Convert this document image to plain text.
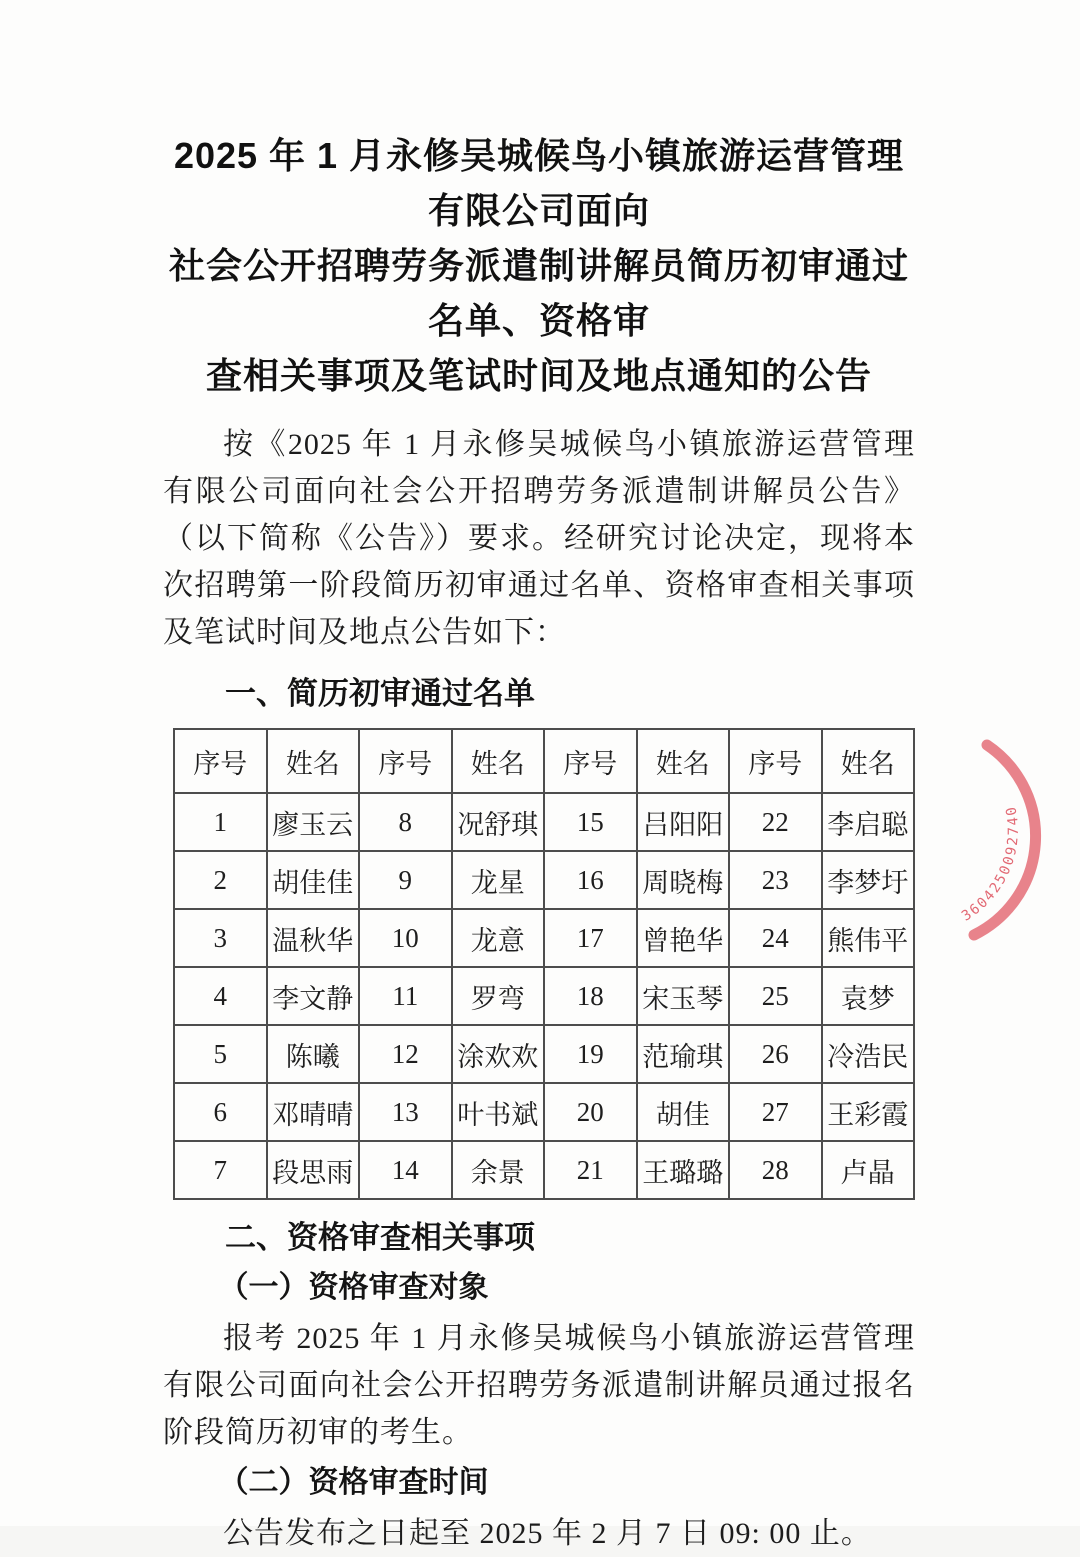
2025 年 1 月永修吴城候鸟小镇旅游运营管理有限公司面向
社会公开招聘劳务派遣制讲解员简历初审通过名单、资格审
查相关事项及笔试时间及地点通知的公告

按《2025 年 1 月永修吴城候鸟小镇旅游运营管理有限公司面向社会公开招聘劳务派遣制讲解员公告》（以下简称《公告》）要求。经研究讨论决定，现将本次招聘第一阶段简历初审通过名单、资格审查相关事项及笔试时间及地点公告如下：

一、简历初审通过名单
序号	姓名	序号	姓名	序号	姓名	序号	姓名
1	廖玉云	8	况舒琪	15	吕阳阳	22	李启聪
2	胡佳佳	9	龙星	16	周晓梅	23	李梦圩
3	温秋华	10	龙意	17	曾艳华	24	熊伟平
4	李文静	11	罗弯	18	宋玉琴	25	袁梦
5	陈曦	12	涂欢欢	19	范瑜琪	26	冷浩民
6	邓晴晴	13	叶书斌	20	胡佳	27	王彩霞
7	段思雨	14	余景	21	王璐璐	28	卢晶
二、资格审查相关事项
（一）资格审查对象

报考 2025 年 1 月永修吴城候鸟小镇旅游运营管理有限公司面向社会公开招聘劳务派遣制讲解员通过报名阶段简历初审的考生。

（二）资格审查时间

公告发布之日起至 2025 年 2 月 7 日 09: 00 止。

3604250092740
